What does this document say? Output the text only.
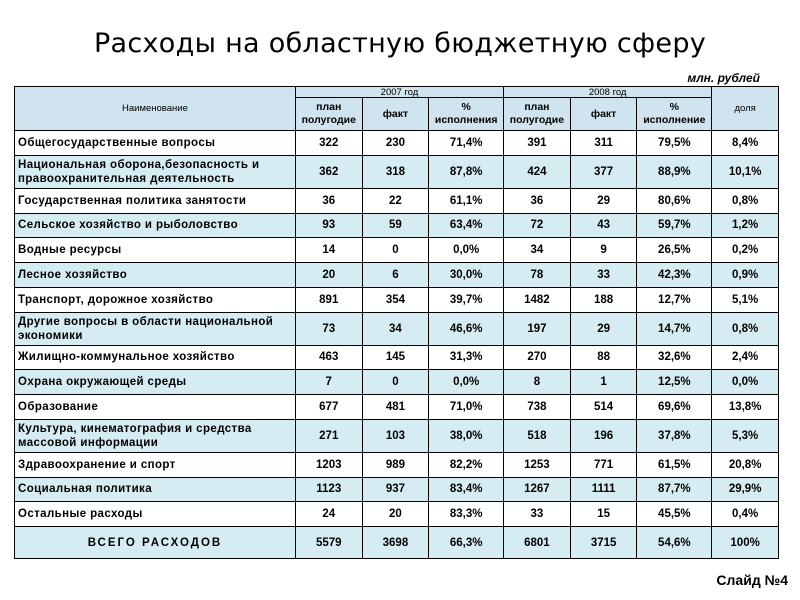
Расходы на областную бюджетную сферу
млн. рублей
Наименование	2007 год			2008 год			доля
	план полугодие	факт	% исполнения	план полугодие	факт	% исполнение	
Общегосударственные вопросы	322	230	71,4%	391	311	79,5%	8,4%
Национальная оборона,безопасность и правоохранительная деятельность	362	318	87,8%	424	377	88,9%	10,1%
Государственная политика занятости	36	22	61,1%	36	29	80,6%	0,8%
Сельское хозяйство и рыболовство	93	59	63,4%	72	43	59,7%	1,2%
Водные ресурсы	14	0	0,0%	34	9	26,5%	0,2%
Лесное хозяйство	20	6	30,0%	78	33	42,3%	0,9%
Транспорт, дорожное хозяйство	891	354	39,7%	1482	188	12,7%	5,1%
Другие вопросы в области национальной экономики	73	34	46,6%	197	29	14,7%	0,8%
Жилищно-коммунальное хозяйство	463	145	31,3%	270	88	32,6%	2,4%
Охрана окружающей среды	7	0	0,0%	8	1	12,5%	0,0%
Образование	677	481	71,0%	738	514	69,6%	13,8%
Культура, кинематография и средства массовой информации	271	103	38,0%	518	196	37,8%	5,3%
Здравоохранение и спорт	1203	989	82,2%	1253	771	61,5%	20,8%
Социальная политика	1123	937	83,4%	1267	1111	87,7%	29,9%
Остальные расходы	24	20	83,3%	33	15	45,5%	0,4%
ВСЕГО РАСХОДОВ	5579	3698	66,3%	6801	3715	54,6%	100%
Слайд №4
